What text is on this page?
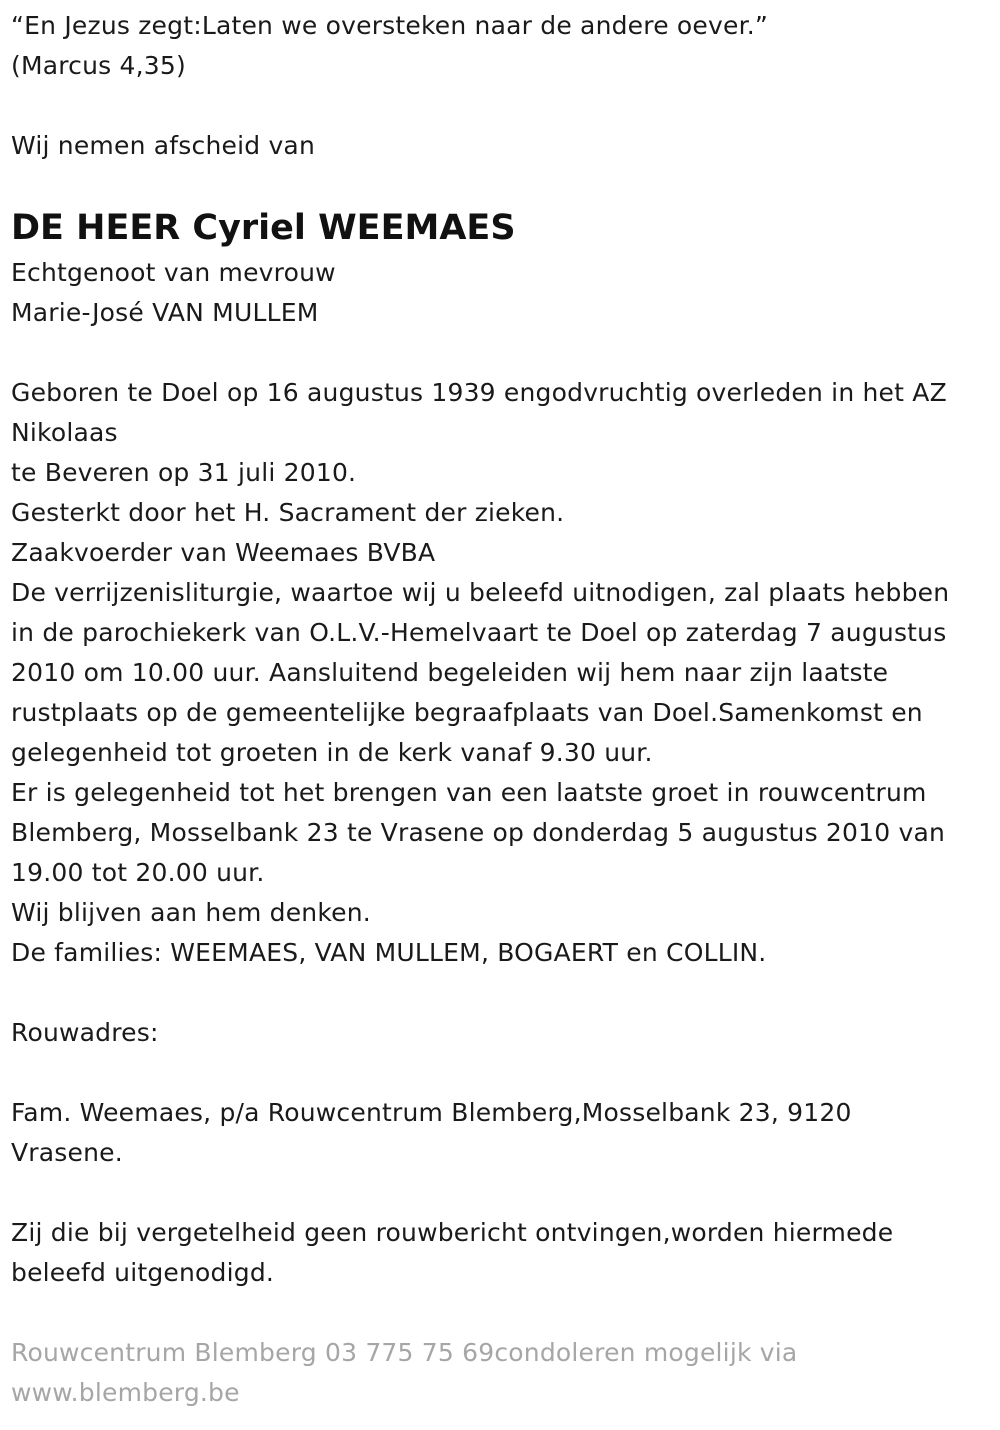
“En Jezus zegt:Laten we oversteken naar de andere oever.”

(Marcus 4,35)

Wij nemen afscheid van

DE HEER Cyriel WEEMAES

Echtgenoot van mevrouw

Marie-José VAN MULLEM

Geboren te Doel op 16 augustus 1939 engodvruchtig overleden in het AZ

Nikolaas

te Beveren op 31 juli 2010.

Gesterkt door het H. Sacrament der zieken.

Zaakvoerder van Weemaes BVBA

De verrijzenisliturgie, waartoe wij u beleefd uitnodigen, zal plaats hebben

in de parochiekerk van O.L.V.-Hemelvaart te Doel op zaterdag 7 augustus

2010 om 10.00 uur. Aansluitend begeleiden wij hem naar zijn laatste

rustplaats op de gemeentelijke begraafplaats van Doel.Samenkomst en

gelegenheid tot groeten in de kerk vanaf 9.30 uur.

Er is gelegenheid tot het brengen van een laatste groet in rouwcentrum

Blemberg, Mosselbank 23 te Vrasene op donderdag 5 augustus 2010 van

19.00 tot 20.00 uur.

Wij blijven aan hem denken.

De families: WEEMAES, VAN MULLEM, BOGAERT en COLLIN.

Rouwadres:

Fam. Weemaes, p/a Rouwcentrum Blemberg,Mosselbank 23, 9120

Vrasene.

Zij die bij vergetelheid geen rouwbericht ontvingen,worden hiermede

beleefd uitgenodigd.

Rouwcentrum Blemberg 03 775 75 69condoleren mogelijk via

www.blemberg.be
